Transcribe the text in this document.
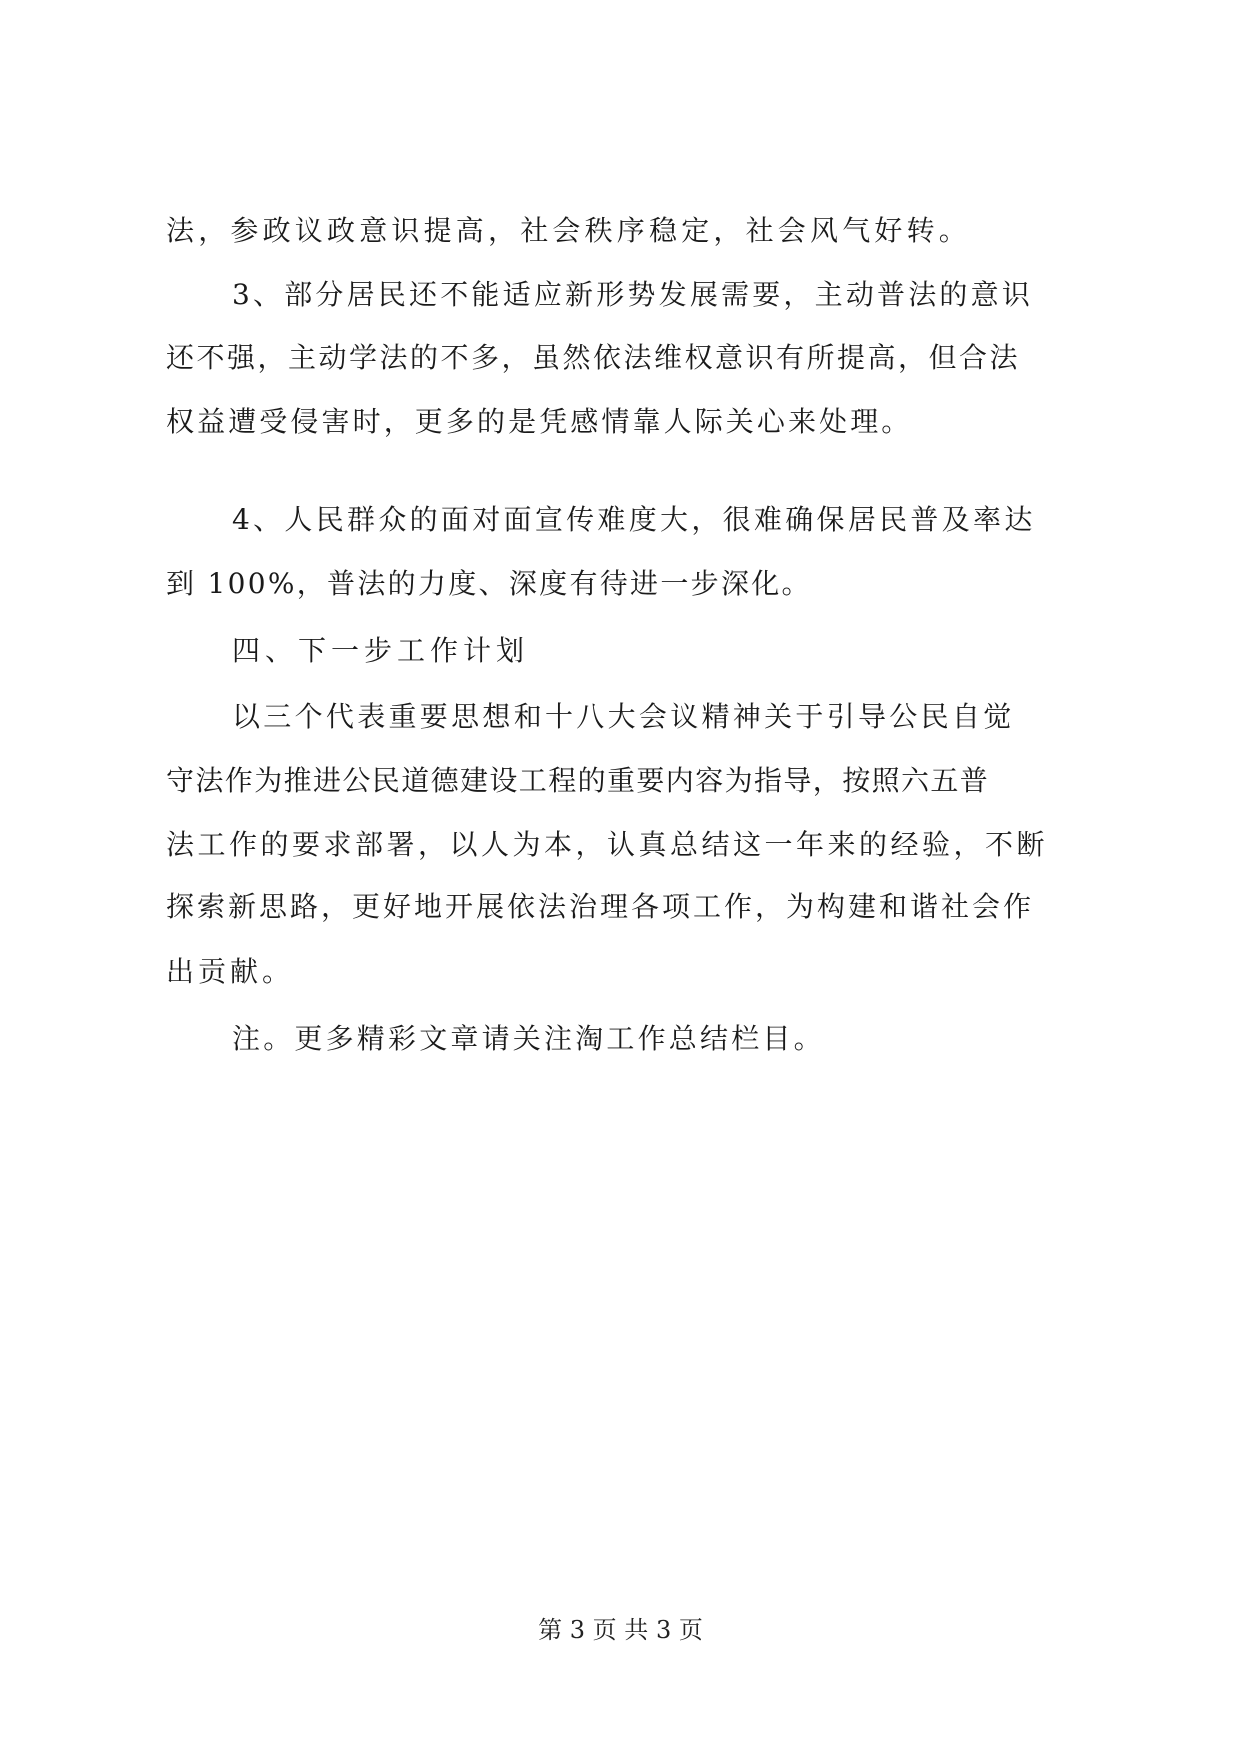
法，参政议政意识提高，社会秩序稳定，社会风气好转。
3、部分居民还不能适应新形势发展需要，主动普法的意识
还不强，主动学法的不多，虽然依法维权意识有所提高，但合法
权益遭受侵害时，更多的是凭感情靠人际关心来处理。
4、人民群众的面对面宣传难度大，很难确保居民普及率达
到 100%，普法的力度、深度有待进一步深化。
四、下一步工作计划
以三个代表重要思想和十八大会议精神关于引导公民自觉
守法作为推进公民道德建设工程的重要内容为指导，按照六五普
法工作的要求部署，以人为本，认真总结这一年来的经验，不断
探索新思路，更好地开展依法治理各项工作，为构建和谐社会作
出贡献。
注。更多精彩文章请关注淘工作总结栏目。
第 3 页 共 3 页
